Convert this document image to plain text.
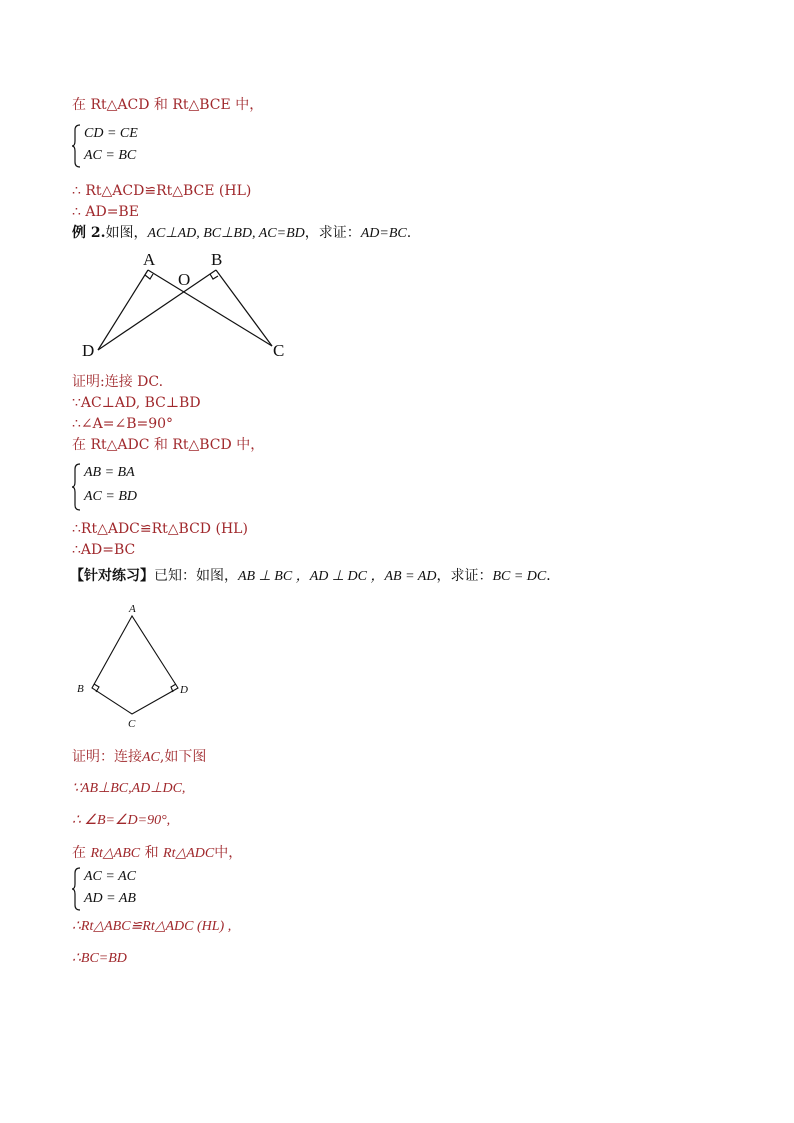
在 Rt△ACD 和 Rt△BCE 中，
CD = CE
AC = BC
∴ Rt△ACD≌Rt△BCE (HL)
∴ AD=BE
例 2.如图，AC⊥AD, BC⊥BD, AC=BD，求证：AD=BC.
A
O
B
D	C
证明:连接 DC.
∵AC⊥AD, BC⊥BD
∴∠A=∠B=90°
在 Rt△ADC 和 Rt△BCD 中，
AB = BA
AC = BD
∴Rt△ADC≌Rt△BCD (HL)
∴AD=BC
【针对练习】已知：如图，AB ⊥ BC ，AD ⊥ DC ，AB = AD，求证：BC = DC．
A
B
C
D
证明：连接AC,如下图
∵AB⊥BC,AD⊥DC,
∴ ∠B=∠D=90°,
在 Rt△ABC 和 Rt△ADC中，
AC = AC
AD = AB
∴Rt△ABC≌Rt△ADC (HL) ,
∴BC=BD
